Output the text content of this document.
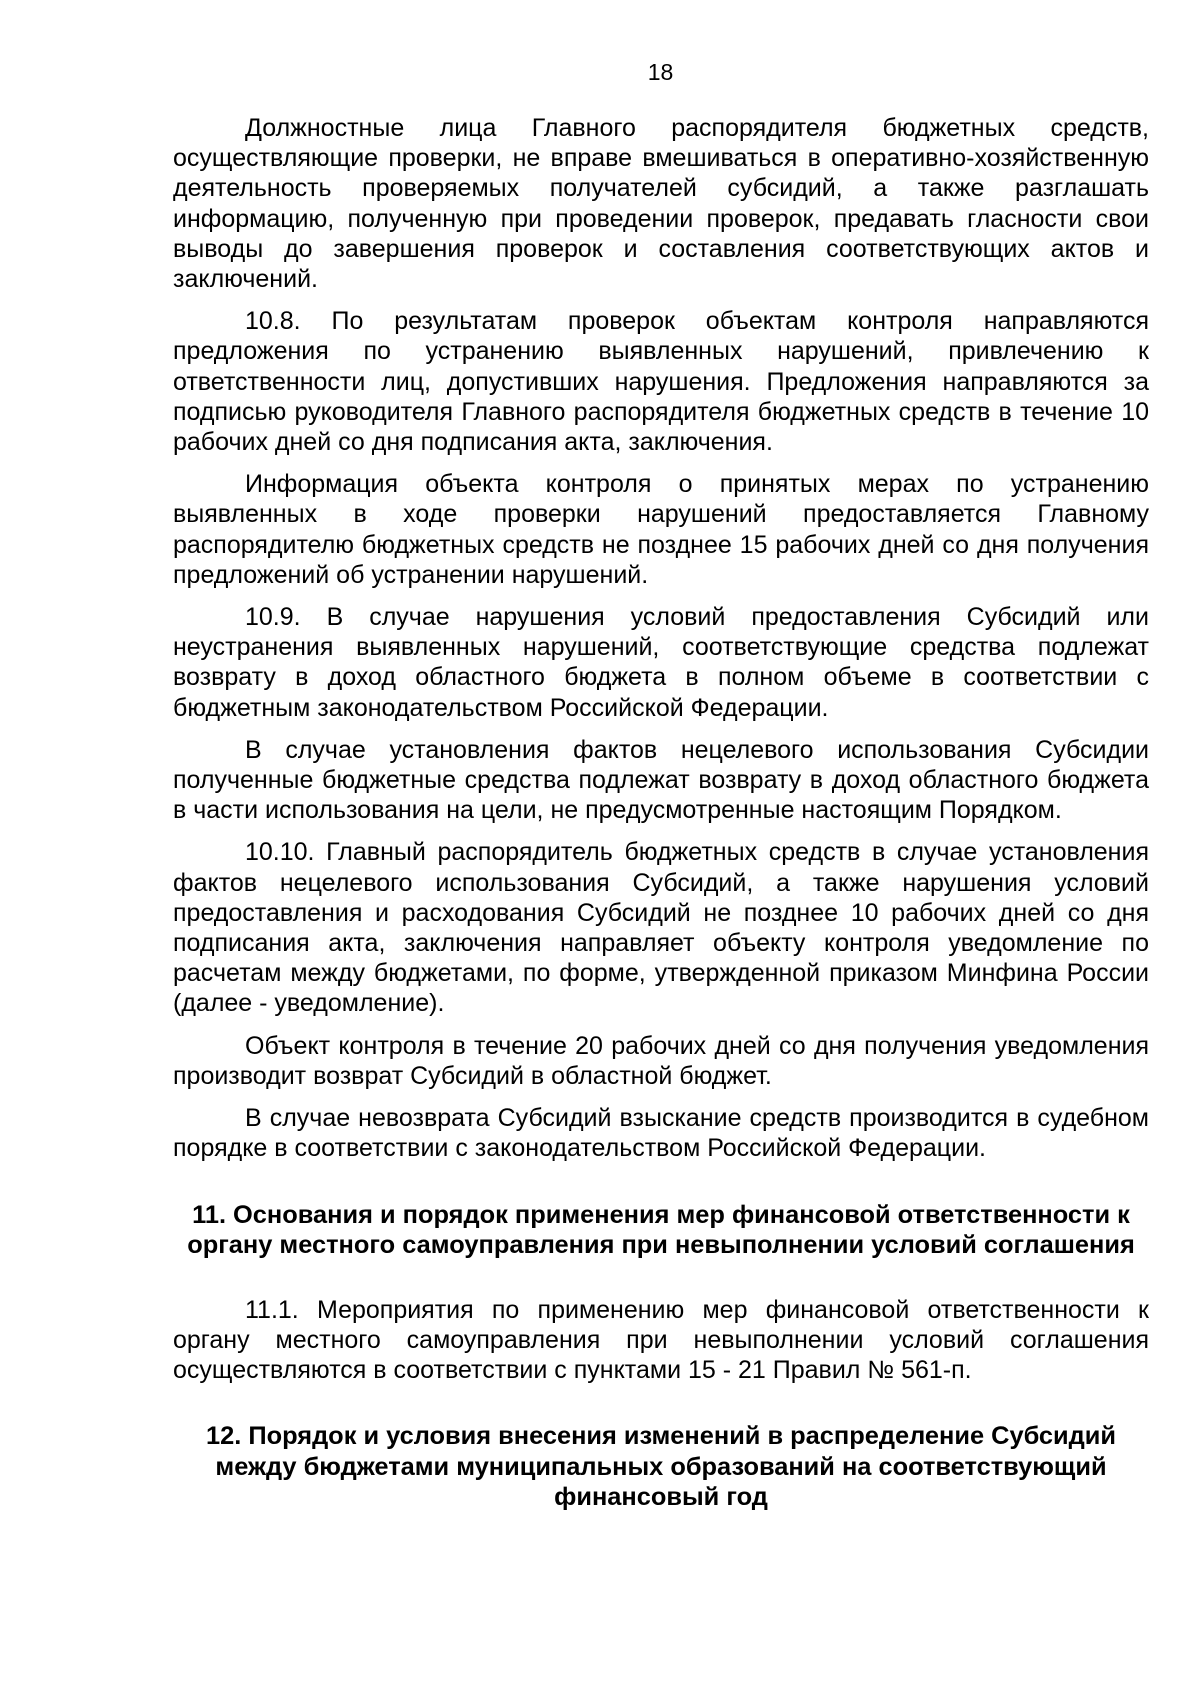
18

Должностные лица Главного распорядителя бюджетных средств, осуществляющие проверки, не вправе вмешиваться в оперативно-хозяйственную деятельность проверяемых получателей субсидий, а также разглашать информацию, полученную при проведении проверок, предавать гласности свои выводы до завершения проверок и составления соответствующих актов и заключений.

10.8. По результатам проверок объектам контроля направляются предложения по устранению выявленных нарушений, привлечению к ответственности лиц, допустивших нарушения. Предложения направляются за подписью руководителя Главного распорядителя бюджетных средств в течение 10 рабочих дней со дня подписания акта, заключения.

Информация объекта контроля о принятых мерах по устранению выявленных в ходе проверки нарушений предоставляется Главному распорядителю бюджетных средств не позднее 15 рабочих дней со дня получения предложений об устранении нарушений.

10.9. В случае нарушения условий предоставления Субсидий или неустранения выявленных нарушений, соответствующие средства подлежат возврату в доход областного бюджета в полном объеме в соответствии с бюджетным законодательством Российской Федерации.

В случае установления фактов нецелевого использования Субсидии полученные бюджетные средства подлежат возврату в доход областного бюджета в части использования на цели, не предусмотренные настоящим Порядком.

10.10. Главный распорядитель бюджетных средств в случае установления фактов нецелевого использования Субсидий, а также нарушения условий предоставления и расходования Субсидий не позднее 10 рабочих дней со дня подписания акта, заключения направляет объекту контроля уведомление по расчетам между бюджетами, по форме, утвержденной приказом Минфина России (далее - уведомление).

Объект контроля в течение 20 рабочих дней со дня получения уведомления производит возврат Субсидий в областной бюджет.

В случае невозврата Субсидий взыскание средств производится в судебном порядке в соответствии с законодательством Российской Федерации.

11. Основания и порядок применения мер финансовой ответственности к органу местного самоуправления при невыполнении условий соглашения

11.1. Мероприятия по применению мер финансовой ответственности к органу местного самоуправления при невыполнении условий соглашения осуществляются в соответствии с пунктами 15 - 21 Правил № 561-п.

12. Порядок и условия внесения изменений в распределение Субсидий между бюджетами муниципальных образований на соответствующий финансовый год
